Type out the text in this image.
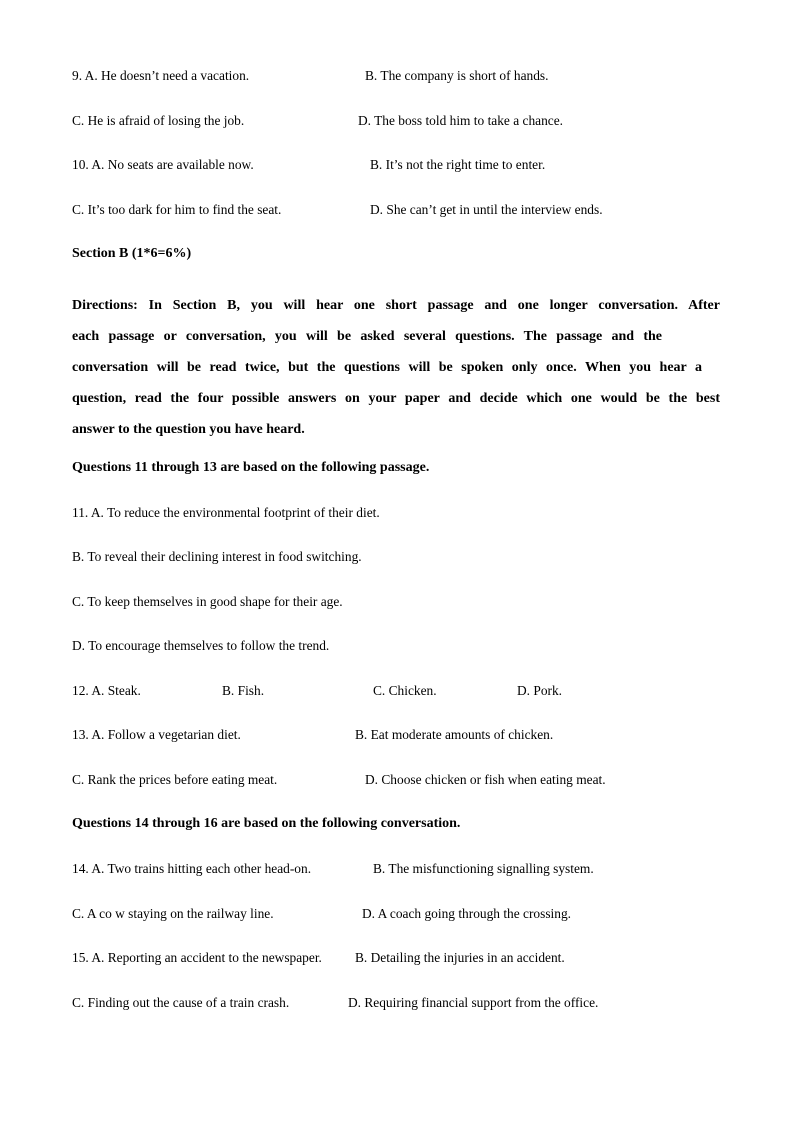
9. A. He doesn’t need a vacation.	B. The company is short of hands.
C. He is afraid of losing the job.	D. The boss told him to take a chance.
10. A. No seats are available now.	B. It’s not the right time to enter.
C. It’s too dark for him to find the seat.	D. She can’t get in until the interview ends.
Section B (1*6=6%)
Directions: In Section B, you will hear one short passage and one longer conversation. After
each passage or conversation, you will be asked several questions. The passage and the
conversation will be read twice, but the questions will be spoken only once. When you hear a
question, read the four possible answers on your paper and decide which one would be the best
answer to the question you have heard.
Questions 11 through 13 are based on the following passage.
11. A. To reduce the environmental footprint of their diet.
B. To reveal their declining interest in food switching.
C. To keep themselves in good shape for their age.
D. To encourage themselves to follow the trend.
12. A. Steak.	B. Fish.	C. Chicken.	D. Pork.
13. A. Follow a vegetarian diet.	B. Eat moderate amounts of chicken.
C. Rank the prices before eating meat.	D. Choose chicken or fish when eating meat.
Questions 14 through 16 are based on the following conversation.
14. A. Two trains hitting each other head-on.	B. The misfunctioning signalling system.
C. A co w staying on the railway line.	D. A coach going through the crossing.
15. A. Reporting an accident to the newspaper. B. Detailing the injuries in an accident.
C. Finding out the cause of a train crash.	D. Requiring financial support from the office.
